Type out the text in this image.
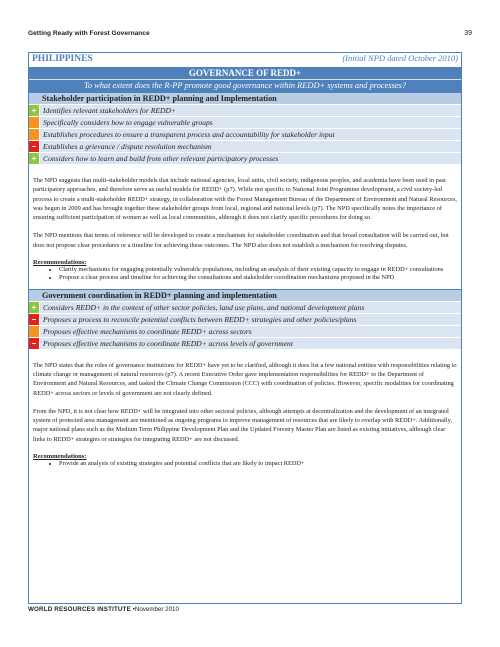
Getting Ready with Forest Governance	39
PHILIPPINES	(Initial NPD dated October 2010)
GOVERNANCE OF REDD+
To what extent does the R-PP promote good governance within REDD+ systems and processes?
Stakeholder participation in REDD+ planning and Implementation
+ Identifies relevant stakeholders for REDD+
Specifically considers how to engage vulnerable groups
Establishes procedures to ensure a transparent process and accountability for stakeholder input
– Establishes a grievance / dispute resolution mechanism
+ Considers how to learn and build from other relevant participatory processes

The NPD suggests that multi-stakeholder models that include national agencies, local units, civil society, indigenous peoples, and academia have been used in past participatory approaches, and therefore serve as useful models for REDD+ (p7). While not specific to National Joint Programme development, a civil society-led process to create a multi-stakeholder REDD+ strategy, in collaboration with the Forest Management Bureau of the Department of Environment and Natural Resources, was begun in 2009 and has brought together these stakeholder groups from local, regional and national levels (p7). The NPD specifically notes the importance of ensuring sufficient participation of women as well as local communities, although it does not clarify specific procedures for doing so.

The NPD mentions that terms of reference will be developed to create a mechanism for stakeholder coordination and that broad consultation will be carried out, but does not propose clear procedures or a timeline for achieving these outcomes. The NPD also does not establish a mechanism for resolving disputes.

Recommendations:

• Clarify mechanisms for engaging potentially vulnerable populations, including an analysis of their existing capacity to engage in REDD+ consultations
• Propose a clear process and timeline for achieving the consultations and stakeholder coordination mechanisms proposed in the NPD
Government coordination in REDD+ planning and implementation
+ Considers REDD+ in the context of other sector policies, land use plans, and national development plans
– Proposes a process to reconcile potential conflicts between REDD+ strategies and other policies/plans
Proposes effective mechanisms to coordinate REDD+ across sectors
– Proposes effective mechanisms to coordinate REDD+ across levels of government

The NPD states that the roles of governance institutions for REDD+ have yet to be clarified, although it does list a few national entities with responsibilities relating to climate change or management of natural resources (p7). A recent Executive Order gave implementation responsibilities for REDD+ to the Department of Environment and Natural Resources, and tasked the Climate Change Commission (CCC) with coordination of policies. However, specific modalities for coordinating REDD+ across sectors or levels of government are not clearly defined.

From the NPD, it is not clear how REDD+ will be integrated into other sectoral policies, although attempts at decentralization and the development of an integrated system of protected area management are mentioned as ongoing programs to improve management of resources that are likely to overlap with REDD+. Additionally, major national plans such as the Medium Term Philippine Development Plan and the Updated Forestry Master Plan are listed as existing initiatives, although clear links to REDD+ strategies or strategies for integrating REDD+ are not discussed.

Recommendations:

• Provide an analysis of existing strategies and potential conflicts that are likely to impact REDD+
WORLD RESOURCES INSTITUTE •November 2010
